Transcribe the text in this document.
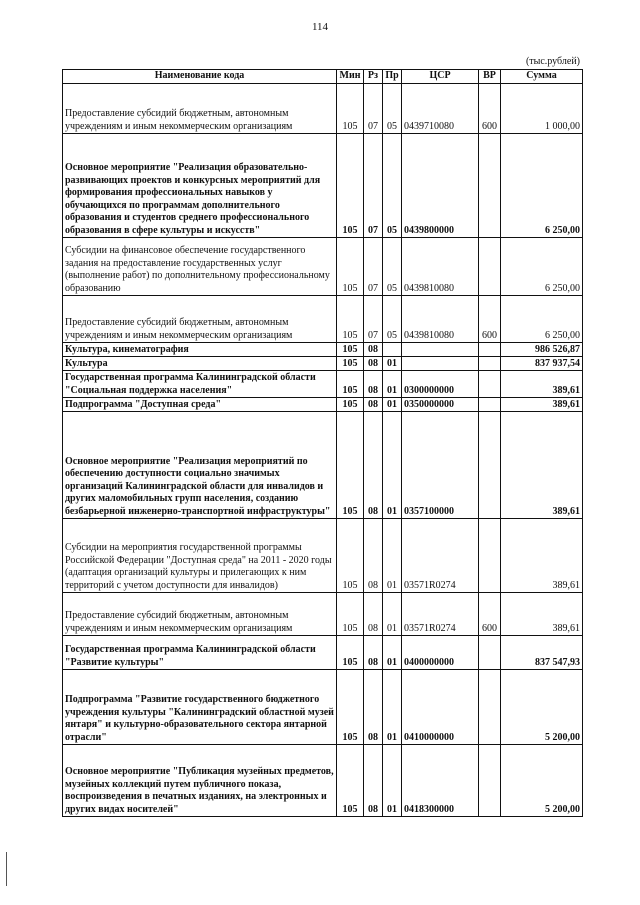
114
(тыс.рублей)
Наименование кода	Мин	Рз	Пр	ЦСР	ВР	Сумма
Предоставление субсидий бюджетным, автономным учреждениям и иным некоммерческим организациям	105	07	05	0439710080	600	1 000,00
Основное мероприятие "Реализация образовательно-развивающих проектов и конкурсных мероприятий для формирования профессиональных навыков у обучающихся по программам дополнительного образования и студентов среднего профессионального образования в сфере культуры и искусств"	105	07	05	0439800000		6 250,00
Субсидии на финансовое обеспечение государственного задания на предоставление государственных услуг (выполнение работ) по дополнительному профессиональному образованию	105	07	05	0439810080		6 250,00
Предоставление субсидий бюджетным, автономным учреждениям и иным некоммерческим организациям	105	07	05	0439810080	600	6 250,00
Культура, кинематография	105	08				986 526,87
Культура	105	08	01			837 937,54
Государственная программа Калининградской области "Социальная поддержка населения"	105	08	01	0300000000		389,61
Подпрограмма "Доступная среда"	105	08	01	0350000000		389,61
Основное мероприятие "Реализация мероприятий по обеспечению доступности социально значимых организаций Калининградской области для инвалидов и других маломобильных групп населения, созданию безбарьерной инженерно-транспортной инфраструктуры"	105	08	01	0357100000		389,61
Субсидии на мероприятия государственной программы Российской Федерации "Доступная среда" на 2011 - 2020 годы (адаптация организаций культуры и прилегающих к ним территорий с учетом доступности для инвалидов)	105	08	01	03571R0274		389,61
Предоставление субсидий бюджетным, автономным учреждениям и иным некоммерческим организациям	105	08	01	03571R0274	600	389,61
Государственная программа Калининградской области "Развитие культуры"	105	08	01	0400000000		837 547,93
Подпрограмма "Развитие государственного бюджетного учреждения культуры "Калининградский областной музей янтаря" и культурно-образовательного сектора янтарной отрасли"	105	08	01	0410000000		5 200,00
Основное мероприятие "Публикация музейных предметов, музейных коллекций путем публичного показа, воспроизведения в печатных изданиях, на электронных и других видах носителей"	105	08	01	0418300000		5 200,00
